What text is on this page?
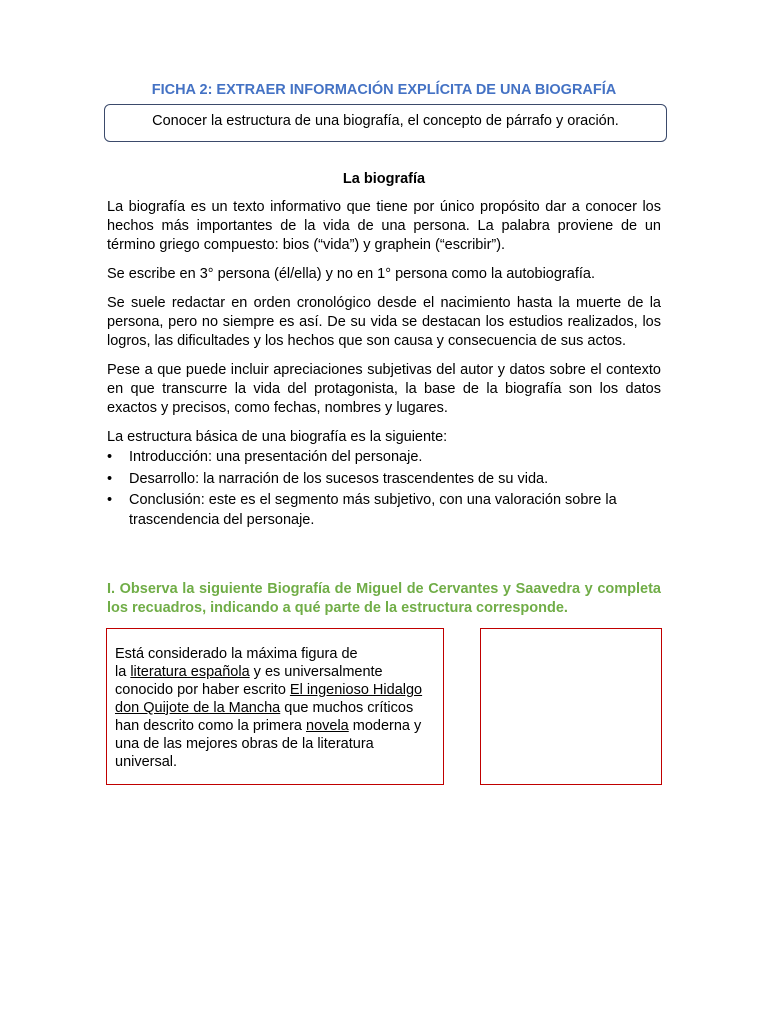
FICHA 2: EXTRAER INFORMACIÓN EXPLÍCITA DE UNA BIOGRAFÍA
Conocer la estructura de una biografía, el concepto de párrafo y oración.
La biografía

La biografía es un texto informativo que tiene por único propósito dar a conocer los hechos más importantes de la vida de una persona. La palabra proviene de un término griego compuesto: bios (“vida”) y graphein (“escribir”).

Se escribe en 3° persona (él/ella) y no en 1° persona como la autobiografía.

Se suele redactar en orden cronológico desde el nacimiento hasta la muerte de la persona, pero no siempre es así. De su vida se destacan los estudios realizados, los logros, las dificultades y los hechos que son causa y consecuencia de sus actos.

Pese a que puede incluir apreciaciones subjetivas del autor y datos sobre el contexto en que transcurre la vida del protagonista, la base de la biografía son los datos exactos y precisos, como fechas, nombres y lugares.

La estructura básica de una biografía es la siguiente:

• Introducción: una presentación del personaje.
• Desarrollo: la narración de los sucesos trascendentes de su vida.
• Conclusión: este es el segmento más subjetivo, con una valoración sobre la trascendencia del personaje.
I. Observa la siguiente Biografía de Miguel de Cervantes y Saavedra y completa los recuadros, indicando a qué parte de la estructura corresponde.
Está considerado la máxima figura de
la literatura española y es universalmente
conocido por haber escrito El ingenioso Hidalgo
don Quijote de la Mancha que muchos críticos
han descrito como la primera novela moderna y
una de las mejores obras de la literatura
universal.
